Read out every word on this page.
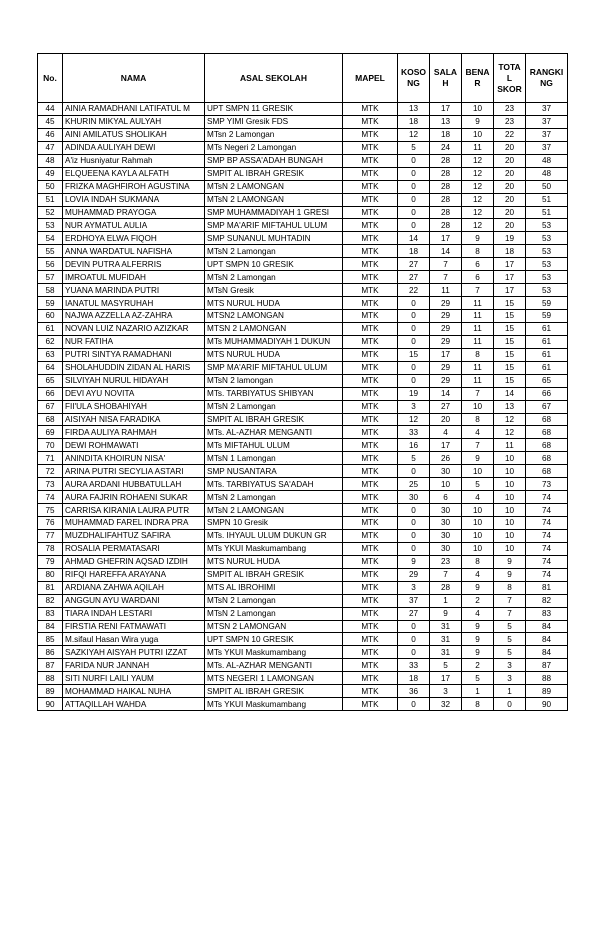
No.	NAMA	ASAL SEKOLAH	MAPEL	KOSO NG	SALA H	BENA R	TOTA L SKOR	RANGKI NG
44	AINIA RAMADHANI LATIFATUL M	UPT SMPN 11 GRESIK	MTK	13	17	10	23	37
45	KHURIN MIKYAL AULYAH	SMP YIMI Gresik FDS	MTK	18	13	9	23	37
46	AINI AMILATUS SHOLIKAH	MTsn 2 Lamongan	MTK	12	18	10	22	37
47	ADINDA AULIYAH DEWI	MTs Negeri 2 Lamongan	MTK	5	24	11	20	37
48	A'iz Husniyatur Rahmah	SMP BP ASSA'ADAH BUNGAH	MTK	0	28	12	20	48
49	ELQUEENA KAYLA ALFATH	SMPIT AL IBRAH GRESIK	MTK	0	28	12	20	48
50	FRIZKA MAGHFIROH AGUSTINA	MTsN 2 LAMONGAN	MTK	0	28	12	20	50
51	LOVIA INDAH SUKMANA	MTsN 2 LAMONGAN	MTK	0	28	12	20	51
52	MUHAMMAD PRAYOGA	SMP MUHAMMADIYAH 1 GRESI	MTK	0	28	12	20	51
53	NUR AYMATUL AULIA	SMP MA'ARIF MIFTAHUL ULUM	MTK	0	28	12	20	53
54	ERDHOYA ELWA FIQOH	SMP SUNANUL MUHTADIN	MTK	14	17	9	19	53
55	ANNA WARDATUL NAFISHA	MTsN 2 Lamongan	MTK	18	14	8	18	53
56	DEVIN PUTRA ALFERRIS	UPT SMPN 10 GRESIK	MTK	27	7	6	17	53
57	IMROATUL MUFIDAH	MTsN 2 Lamongan	MTK	27	7	6	17	53
58	YUANA MARINDA PUTRI	MTsN Gresik	MTK	22	11	7	17	53
59	IANATUL MASYRUHAH	MTS NURUL HUDA	MTK	0	29	11	15	59
60	NAJWA AZZELLA AZ-ZAHRA	MTSN2 LAMONGAN	MTK	0	29	11	15	59
61	NOVAN LUIZ NAZARIO AZIZKAR	MTSN 2 LAMONGAN	MTK	0	29	11	15	61
62	NUR FATIHA	MTs MUHAMMADIYAH 1 DUKUN	MTK	0	29	11	15	61
63	PUTRI SINTYA RAMADHANI	MTS NURUL HUDA	MTK	15	17	8	15	61
64	SHOLAHUDDIN ZIDAN AL HARIS	SMP MA'ARIF MIFTAHUL ULUM	MTK	0	29	11	15	61
65	SILVIYAH NURUL HIDAYAH	MTsN 2 lamongan	MTK	0	29	11	15	65
66	DEVI AYU NOVITA	MTs. TARBIYATUS SHIBYAN	MTK	19	14	7	14	66
67	FII'ULA SHOBAHIYAH	MTsN 2 Lamongan	MTK	3	27	10	13	67
68	AISIYAH NISA FARADIKA	SMPIT AL IBRAH GRESIK	MTK	12	20	8	12	68
69	FIRDA AULIYA RAHMAH	MTs. AL-AZHAR MENGANTI	MTK	33	4	4	12	68
70	DEWI ROHMAWATI	MTs MIFTAHUL ULUM	MTK	16	17	7	11	68
71	ANINDITA KHOIRUN NISA'	MTsN 1 Lamongan	MTK	5	26	9	10	68
72	ARINA PUTRI SECYLIA ASTARI	SMP NUSANTARA	MTK	0	30	10	10	68
73	AURA ARDANI HUBBATULLAH	MTs. TARBIYATUS SA'ADAH	MTK	25	10	5	10	73
74	AURA FAJRIN ROHAENI SUKAR	MTsN 2 Lamongan	MTK	30	6	4	10	74
75	CARRISA KIRANIA LAURA PUTR	MTsN 2 LAMONGAN	MTK	0	30	10	10	74
76	MUHAMMAD FAREL INDRA PRA	SMPN 10 Gresik	MTK	0	30	10	10	74
77	MUZDHALIFAHTUZ SAFIRA	MTs. IHYAUL ULUM DUKUN GR	MTK	0	30	10	10	74
78	ROSALIA PERMATASARI	MTs YKUI Maskumambang	MTK	0	30	10	10	74
79	AHMAD GHEFRIN AQSAD IZDIH	MTS NURUL HUDA	MTK	9	23	8	9	74
80	RIFQI HAREFFA ARAYANA	SMPIT AL IBRAH GRESIK	MTK	29	7	4	9	74
81	ARDIANA ZAHWA AQILAH	MTS AL IBROHIMI	MTK	3	28	9	8	81
82	ANGGUN AYU WARDANI	MTsN 2 Lamongan	MTK	37	1	2	7	82
83	TIARA INDAH LESTARI	MTsN 2 Lamongan	MTK	27	9	4	7	83
84	FIRSTIA RENI FATMAWATI	MTSN 2 LAMONGAN	MTK	0	31	9	5	84
85	M.sifaul Hasan Wira yuga	UPT SMPN 10 GRESIK	MTK	0	31	9	5	84
86	SAZKIYAH AISYAH PUTRI IZZAT	MTs YKUI Maskumambang	MTK	0	31	9	5	84
87	FARIDA NUR JANNAH	MTs. AL-AZHAR MENGANTI	MTK	33	5	2	3	87
88	SITI NURFI LAILI YAUM	MTS NEGERI 1 LAMONGAN	MTK	18	17	5	3	88
89	MOHAMMAD HAIKAL NUHA	SMPIT AL IBRAH GRESIK	MTK	36	3	1	1	89
90	ATTAQILLAH WAHDA	MTs YKUI Maskumambang	MTK	0	32	8	0	90
